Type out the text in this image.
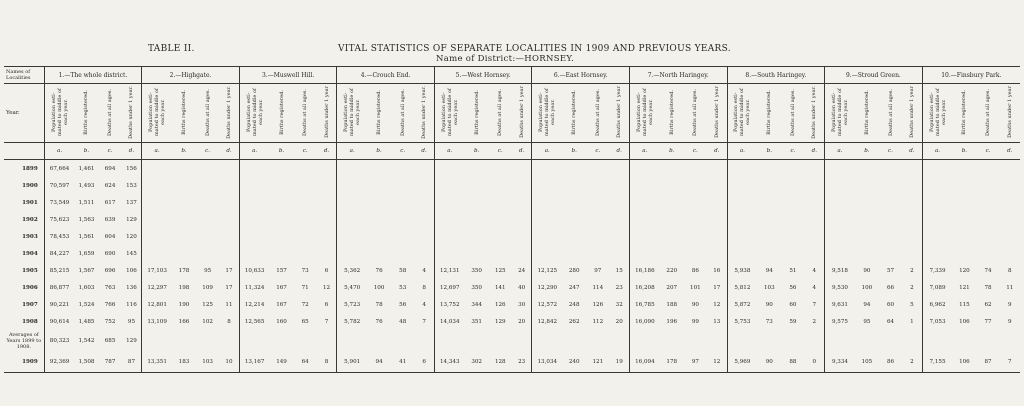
TABLE II.	VITAL STATISTICS OF SEPARATE LOCALITIES IN 1909 AND PREVIOUS YEARS.
Name of District:—HORNSEY.
Names of Localities	1.—The whole district.				2.—Highgate.				3.—Muswell Hill.				4.—Crouch End.				5.—West Hornsey.				6.—East Hornsey.				7.—North Haringey.				8.—South Haringey.				9.—Stroud Green.				10.—Finsbury Park.			
Year.	Population esti-mated to middle of each year.	Births registered.	Deaths at all ages.	Deaths under 1 year.	Population esti-mated to middle of each year.	Births registered.	Deaths at all ages.	Deaths under 1 year.	Population esti-mated to middle of each year.	Births registered.	Deaths at all ages.	Deaths under 1 year	Population esti-mated to middle of each year.	Births registered.	Deaths at all ages.	Deaths under 1 year.	Population esti-mated to middle of each year.	Births registered.	Deaths at all ages.	Deaths under 1 year	Population esti-mated to middle of each year.	Births registered.	Deaths at all ages.	Deaths under 1 year	Population esti-mated to middle of each year.	Births registered.	Deaths at all ages.	Deaths under 1 year	Population esti-mated to middle of each year.	Births registered.	Deaths at all ages.	Deaths under 1 year.	Population esti-mated to middle of each year.	Births registered.	Deaths at all ages.	Deaths under 1 year	Population esti-mated to middle of each year.	Births registered.	Deaths at all ages.	Deaths under 1 year
	a.	b.	c.	d.	a.	b.	c.	d.	a.	b.	c.	d.	a.	b.	c.	d.	a.	b.	c.	d.	a.	b.	c.	d.	a.	b.	c.	d.	a.	b.	c.	d.	a.	b.	c.	d.	a.	b.	c.	d.
1899	67,664	1,461	694	156																																				
1900	70,597	1,493	624	153																																				
1901	73,549	1,511	617	137																																				
1902	75,623	1,563	639	129																																				
1903	78,453	1,561	604	120																																				
1904	84,227	1,659	690	145																																				
1905	85,215	1,567	696	106	17,103	178	95	17	10,633	157	73	6	5,362	76	58	4	12,131	350	125	24	12,125	280	97	15	16,186	220	86	16	5,938	94	51	4	9,518	90	57	2	7,339	120	74	8
1906	86,877	1,603	763	136	12,297	198	109	17	11,324	167	71	12	5,470	100	53	8	12,697	350	141	40	12,290	247	114	23	16,208	207	101	17	5,812	103	56	4	9,530	100	66	2	7,089	121	78	11
1907	90,221	1,524	766	116	12,801	190	125	11	12,214	167	72	6	5,723	78	56	4	13,752	344	126	30	12,572	248	126	32	16,785	188	90	12	5,872	90	60	7	9,631	94	60	5	6,962	115	62	9
1908	90,614	1,485	752	95	13,109	166	102	8	12,565	160	65	7	5,782	76	48	7	14,034	351	129	20	12,842	262	112	20	16,090	196	99	13	5,753	73	59	2	9,575	95	64	1	7,053	106	77	9
Averages of Years 1899 to 1908.	80,323	1,542	685	129																																				
1909	92,369	1,508	787	87	13,351	183	103	10	13,167	149	64	8	5,901	94	41	6	14,343	302	128	23	13,034	240	121	19	16,094	178	97	12	5,969	90	88	0	9,334	105	86	2	7,155	106	87	7
